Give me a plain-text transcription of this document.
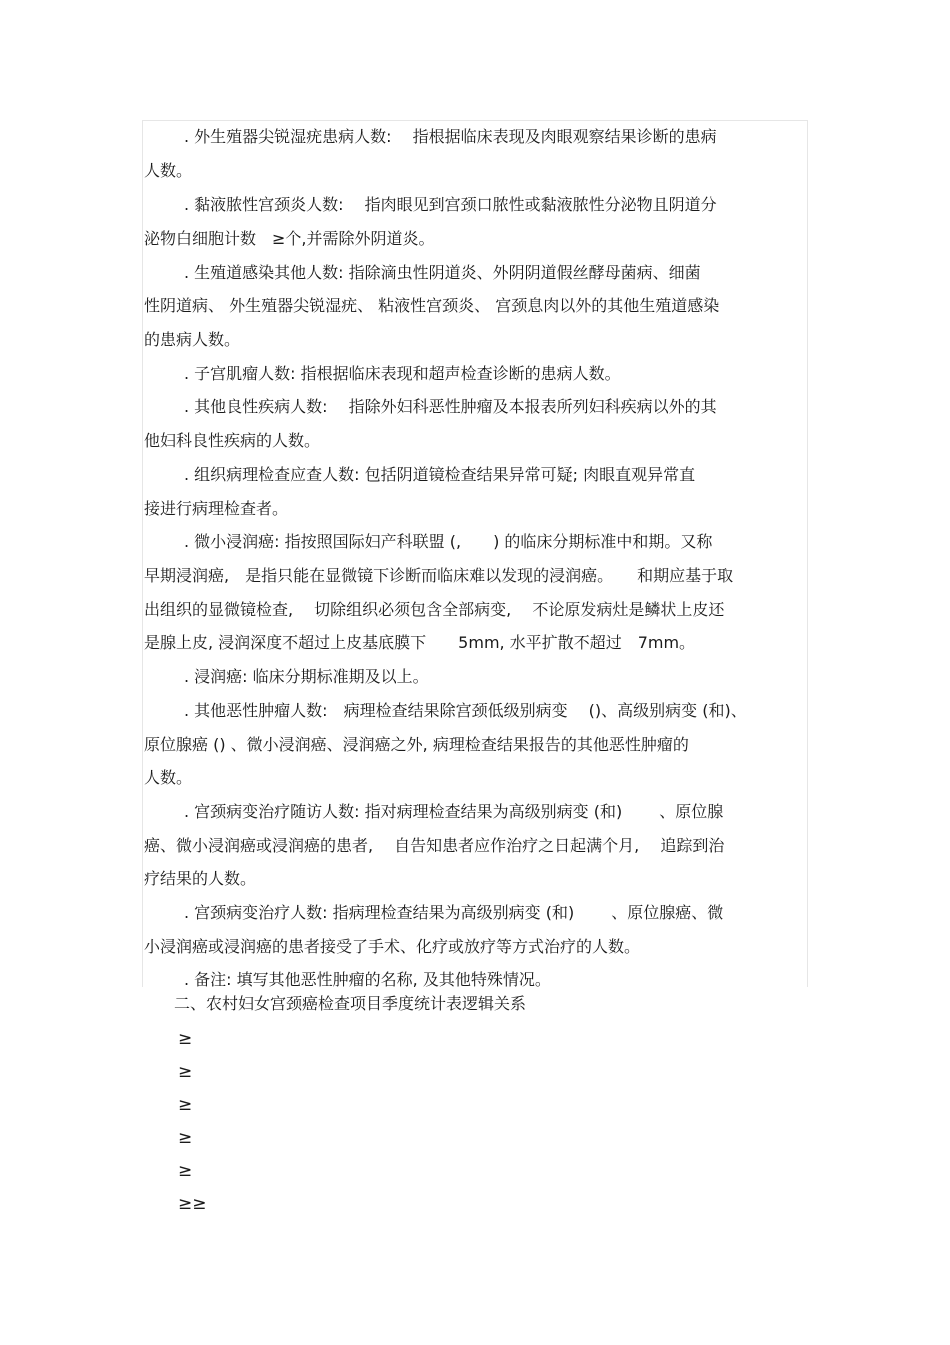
. 外生殖器尖锐湿疣患病人数:　 指根据临床表现及肉眼观察结果诊断的患病
人数。
. 黏液脓性宫颈炎人数:　 指肉眼见到宫颈口脓性或黏液脓性分泌物且阴道分
泌物白细胞计数　≥个,并需除外阴道炎。
. 生殖道感染其他人数: 指除滴虫性阴道炎、外阴阴道假丝酵母菌病、细菌
性阴道病、 外生殖器尖锐湿疣、 粘液性宫颈炎、 宫颈息肉以外的其他生殖道感染
的患病人数。
. 子宫肌瘤人数: 指根据临床表现和超声检查诊断的患病人数。
. 其他良性疾病人数:　 指除外妇科恶性肿瘤及本报表所列妇科疾病以外的其
他妇科良性疾病的人数。
. 组织病理检查应查人数: 包括阴道镜检查结果异常可疑; 肉眼直观异常直
接进行病理检查者。
. 微小浸润癌: 指按照国际妇产科联盟 (,　　) 的临床分期标准中和期。又称
早期浸润癌,　是指只能在显微镜下诊断而临床难以发现的浸润癌。　　和期应基于取
出组织的显微镜检查,　 切除组织必须包含全部病变,　 不论原发病灶是鳞状上皮还
是腺上皮, 浸润深度不超过上皮基底膜下　　5mm, 水平扩散不超过　7mm。
. 浸润癌: 临床分期标准期及以上。
. 其他恶性肿瘤人数:　病理检查结果除宫颈低级别病变　 ()、高级别病变 (和)、
原位腺癌 () 、微小浸润癌、浸润癌之外, 病理检查结果报告的其他恶性肿瘤的
人数。
. 宫颈病变治疗随访人数: 指对病理检查结果为高级别病变 (和)　　 、原位腺
癌、微小浸润癌或浸润癌的患者,　 自告知患者应作治疗之日起满个月,　 追踪到治
疗结果的人数。
. 宫颈病变治疗人数: 指病理检查结果为高级别病变 (和)　　 、原位腺癌、微
小浸润癌或浸润癌的患者接受了手术、化疗或放疗等方式治疗的人数。
. 备注: 填写其他恶性肿瘤的名称, 及其他特殊情况。
二、农村妇女宫颈癌检查项目季度统计表逻辑关系
≥
≥
≥
≥
≥
≥≥
